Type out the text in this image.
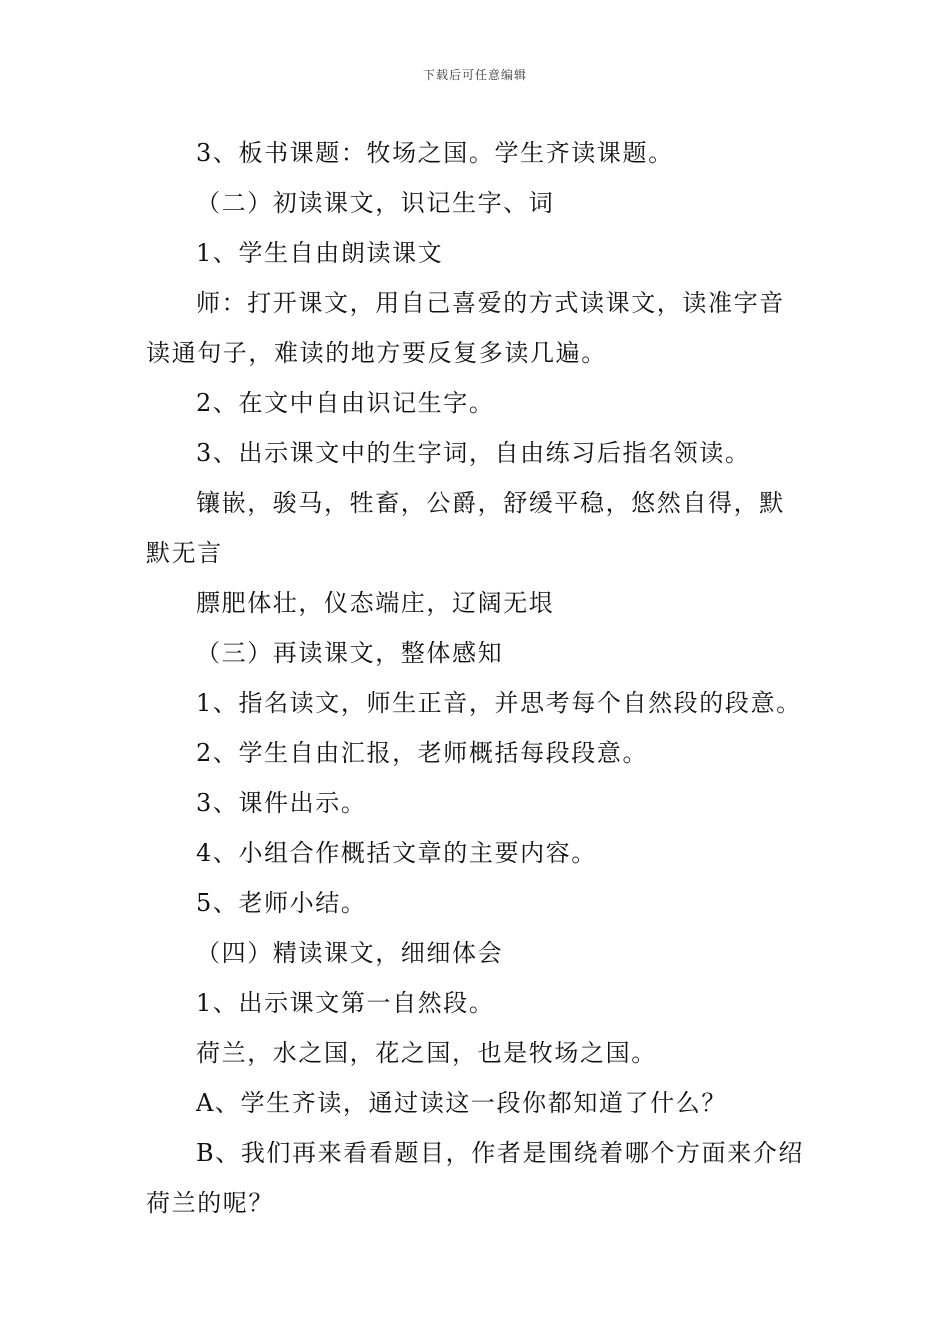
下载后可任意编辑

3、板书课题：牧场之国。学生齐读课题。

（二）初读课文，识记生字、词

1、学生自由朗读课文

师：打开课文，用自己喜爱的方式读课文，读准字音读通句子，难读的地方要反复多读几遍。

2、在文中自由识记生字。

3、出示课文中的生字词，自由练习后指名领读。

镶嵌，骏马，牲畜，公爵，舒缓平稳，悠然自得，默默无言

膘肥体壮，仪态端庄，辽阔无垠

（三）再读课文，整体感知

1、指名读文，师生正音，并思考每个自然段的段意。

2、学生自由汇报，老师概括每段段意。

3、课件出示。

4、小组合作概括文章的主要内容。

5、老师小结。

（四）精读课文，细细体会

1、出示课文第一自然段。

荷兰，水之国，花之国，也是牧场之国。

A、学生齐读，通过读这一段你都知道了什么？

B、我们再来看看题目，作者是围绕着哪个方面来介绍荷兰的呢？
